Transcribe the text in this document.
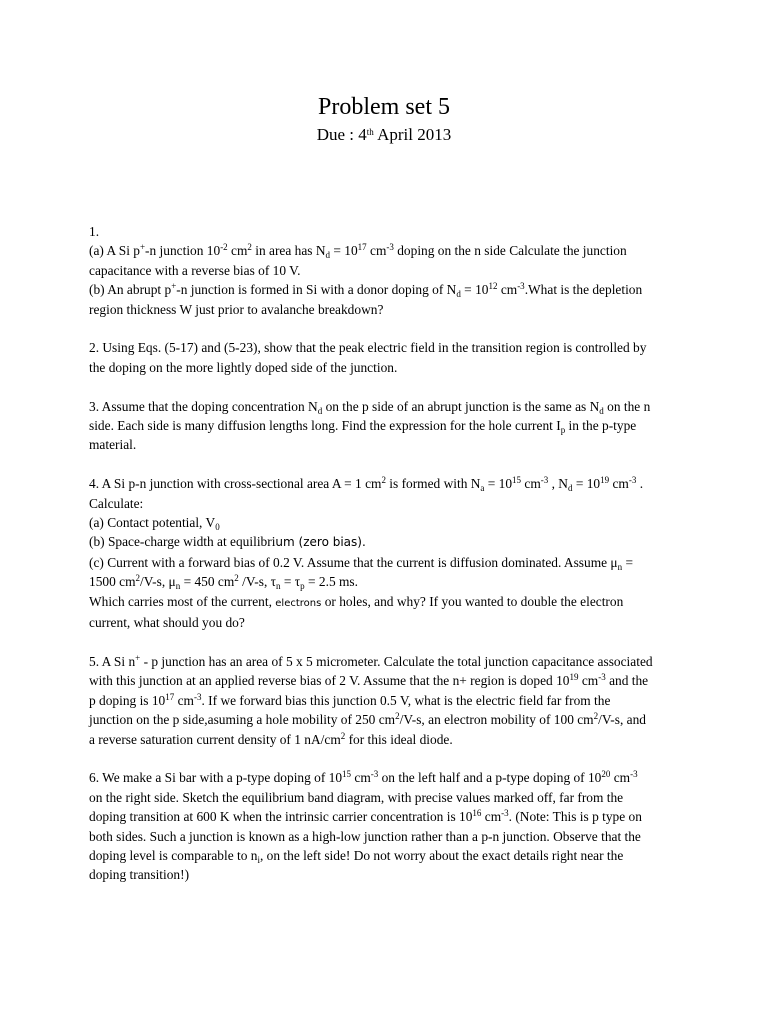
Problem set 5
Due : 4th April 2013
1.
(a) A Si p+-n junction $10^{-2}$ $cm^2$ in area has $N_d = 10^{17}$ $cm^{-3}$ doping on the n side Calculate the junction
capacitance with a reverse bias of 10 V.
(b) An abrupt p+-n junction is formed in Si with a donor doping of $N_d = 10^{12}$ $cm^{-3}.What$ is the depletion
region thickness W just prior to avalanche breakdown?
2. Using Eqs. (5-17) and (5-23), show that the peak electric field in the transition region is controlled by
the doping on the more lightly doped side of the junction.
3. Assume that the doping concentration $N_d$ on the p side of an abrupt junction is the same as $N_d$ on the n
side. Each side is many diffusion lengths long. Find the expression for the hole current $I_p$ in the p-type
material.
4. A Si p-n junction with cross-sectional area A = 1 $cm^2$ is formed with $N_a = 10^{15}$ $cm^{-3}$ , $N_d = 10^{19}$ $cm^{-3}$ .
Calculate:
(a) Contact potential, $V_0$
(b) Space-charge width at equilibrium (zero bias).
(c) Current with a forward bias of 0.2 V. Assume that the current is diffusion dominated. Assume $\mu_n$ =
1500 $cm^2/V-s$, $\mu_n = 450$ $cm^2$ /V-s, $\tau_n = \tau_p = 2.5$ ms.
Which carries most of the current, electrons or holes, and why? If you wanted to double the electron
current, what should you do?
5. A Si n+ - p junction has an area of 5 x 5 micrometer. Calculate the total junction capacitance associated
with this junction at an applied reverse bias of 2 V. Assume that the n+ region is doped $10^{19}$ $cm^{-3}$ and the
p doping is $10^{17}$ $cm^{-3}$. If we forward bias this junction 0.5 V, what is the electric field far from the
junction on the p side,asuming a hole mobility of 250 $cm^2/V-s$, an electron mobility of 100 $cm^2/V-s$, and
a reverse saturation current density of 1 $nA/cm^2$ for this ideal diode.
6. We make a Si bar with a p-type doping of $10^{15}$ $cm^{-3}$ on the left half and a p-type doping of $10^{20}$ $cm^{-3}$
on the right side. Sketch the equilibrium band diagram, with precise values marked off, far from the
doping transition at 600 K when the intrinsic carrier concentration is $10^{16}$ $cm^{-3}$. (Note: This is p type on
both sides. Such a junction is known as a high-low junction rather than a p-n junction. Observe that the
doping level is comparable to $n_i$, on the left side! Do not worry about the exact details right near the
doping transition!)
